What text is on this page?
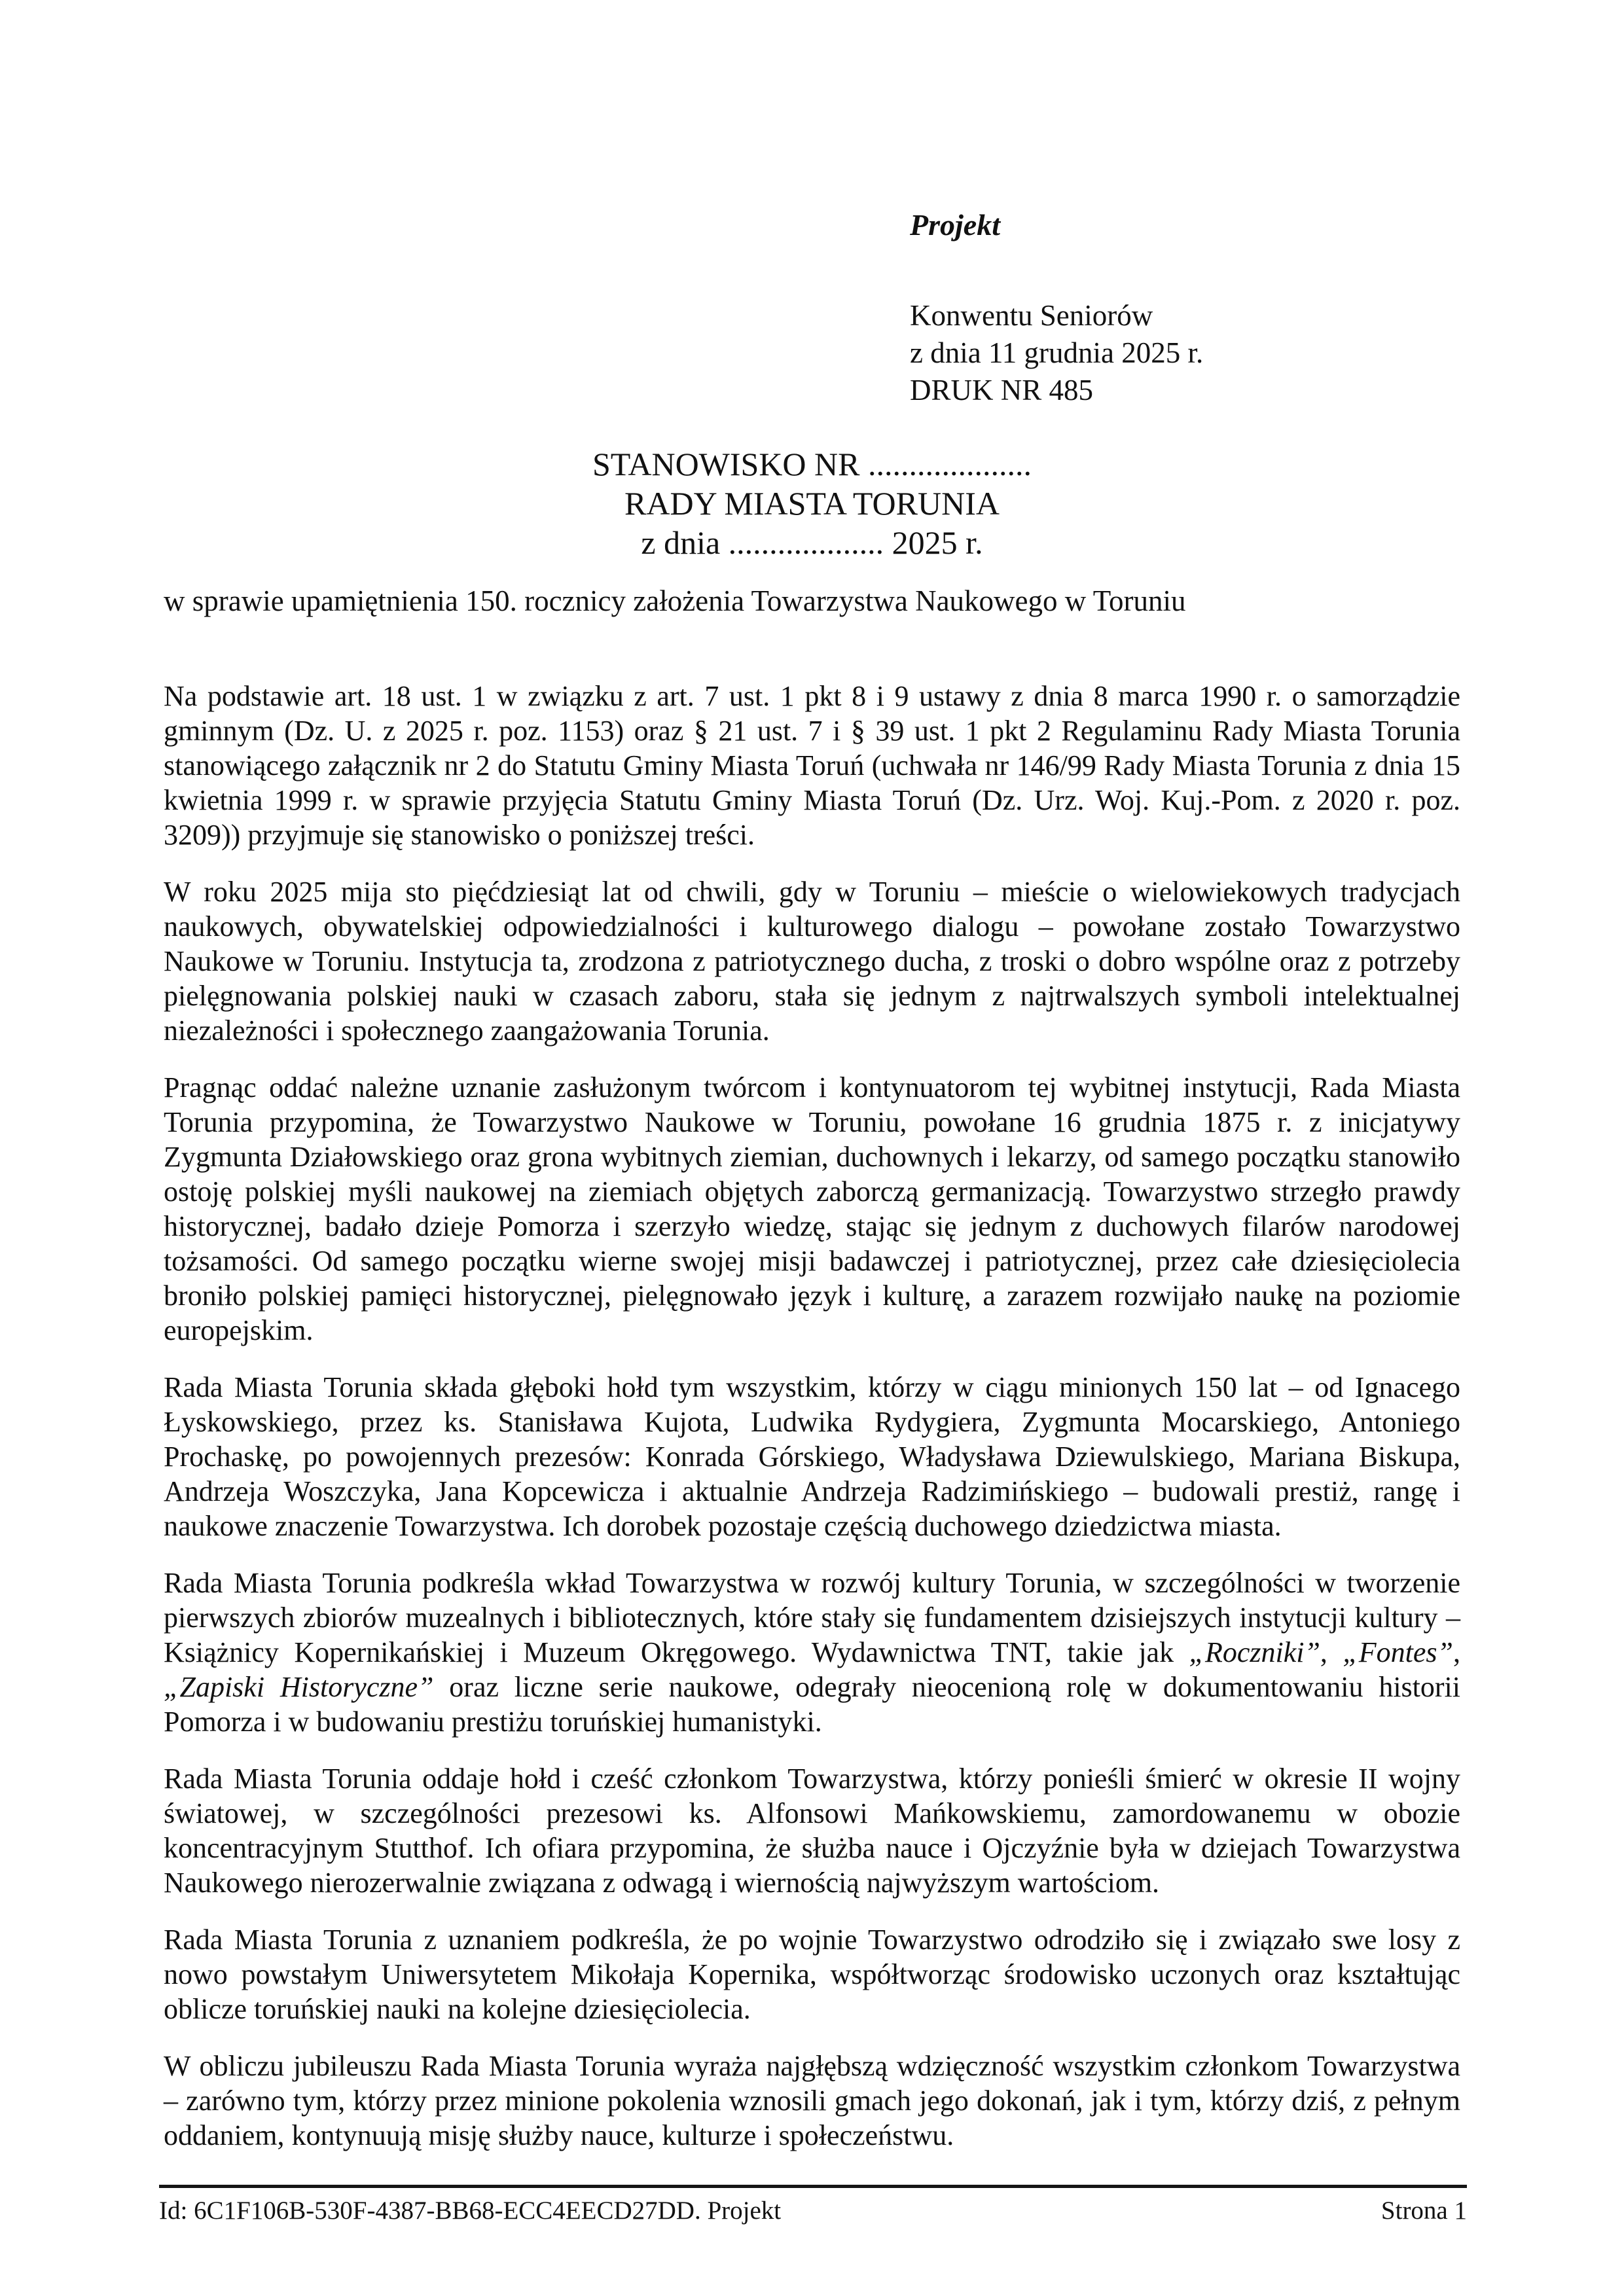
Projekt
Konwentu Seniorów
z dnia 11 grudnia 2025 r.
DRUK NR 485
STANOWISKO NR ....................
RADY MIASTA TORUNIA
z dnia ................... 2025 r.
w sprawie upamiętnienia 150. rocznicy założenia Towarzystwa Naukowego w Toruniu

Na podstawie art. 18 ust. 1 w związku z art. 7 ust. 1 pkt 8 i 9 ustawy z dnia 8 marca 1990 r. o samorządzie gminnym (Dz. U. z 2025 r. poz. 1153) oraz § 21 ust. 7 i § 39 ust. 1 pkt 2 Regulaminu Rady Miasta Torunia stanowiącego załącznik nr 2 do Statutu Gminy Miasta Toruń (uchwała nr 146/99 Rady Miasta Torunia z dnia 15 kwietnia 1999 r. w sprawie przyjęcia Statutu Gminy Miasta Toruń (Dz. Urz. Woj. Kuj.-Pom. z 2020 r. poz. 3209)) przyjmuje się stanowisko o poniższej treści.

W roku 2025 mija sto pięćdziesiąt lat od chwili, gdy w Toruniu – mieście o wielowiekowych tradycjach naukowych, obywatelskiej odpowiedzialności i kulturowego dialogu – powołane zostało Towarzystwo Naukowe w Toruniu. Instytucja ta, zrodzona z patriotycznego ducha, z troski o dobro wspólne oraz z potrzeby pielęgnowania polskiej nauki w czasach zaboru, stała się jednym z najtrwalszych symboli intelektualnej niezależności i społecznego zaangażowania Torunia.

Pragnąc oddać należne uznanie zasłużonym twórcom i kontynuatorom tej wybitnej instytucji, Rada Miasta Torunia przypomina, że Towarzystwo Naukowe w Toruniu, powołane 16 grudnia 1875 r. z inicjatywy Zygmunta Działowskiego oraz grona wybitnych ziemian, duchownych i lekarzy, od samego początku stanowiło ostoję polskiej myśli naukowej na ziemiach objętych zaborczą germanizacją. Towarzystwo strzegło prawdy historycznej, badało dzieje Pomorza i szerzyło wiedzę, stając się jednym z duchowych filarów narodowej tożsamości. Od samego początku wierne swojej misji badawczej i patriotycznej, przez całe dziesięciolecia broniło polskiej pamięci historycznej, pielęgnowało język i kulturę, a zarazem rozwijało naukę na poziomie europejskim.

Rada Miasta Torunia składa głęboki hołd tym wszystkim, którzy w ciągu minionych 150 lat – od Ignacego Łyskowskiego, przez ks. Stanisława Kujota, Ludwika Rydygiera, Zygmunta Mocarskiego, Antoniego Prochaskę, po powojennych prezesów: Konrada Górskiego, Władysława Dziewulskiego, Mariana Biskupa, Andrzeja Woszczyka, Jana Kopcewicza i aktualnie Andrzeja Radzimińskiego – budowali prestiż, rangę i naukowe znaczenie Towarzystwa. Ich dorobek pozostaje częścią duchowego dziedzictwa miasta.

Rada Miasta Torunia podkreśla wkład Towarzystwa w rozwój kultury Torunia, w szczególności w tworzenie pierwszych zbiorów muzealnych i bibliotecznych, które stały się fundamentem dzisiejszych instytucji kultury – Książnicy Kopernikańskiej i Muzeum Okręgowego. Wydawnictwa TNT, takie jak „Roczniki”, „Fontes”, „Zapiski Historyczne” oraz liczne serie naukowe, odegrały nieocenioną rolę w dokumentowaniu historii Pomorza i w budowaniu prestiżu toruńskiej humanistyki.

Rada Miasta Torunia oddaje hołd i cześć członkom Towarzystwa, którzy ponieśli śmierć w okresie II wojny światowej, w szczególności prezesowi ks. Alfonsowi Mańkowskiemu, zamordowanemu w obozie koncentracyjnym Stutthof. Ich ofiara przypomina, że służba nauce i Ojczyźnie była w dziejach Towarzystwa Naukowego nierozerwalnie związana z odwagą i wiernością najwyższym wartościom.

Rada Miasta Torunia z uznaniem podkreśla, że po wojnie Towarzystwo odrodziło się i związało swe losy z nowo powstałym Uniwersytetem Mikołaja Kopernika, współtworząc środowisko uczonych oraz kształtując oblicze toruńskiej nauki na kolejne dziesięciolecia.

W obliczu jubileuszu Rada Miasta Torunia wyraża najgłębszą wdzięczność wszystkim członkom Towarzystwa – zarówno tym, którzy przez minione pokolenia wznosili gmach jego dokonań, jak i tym, którzy dziś, z pełnym oddaniem, kontynuują misję służby nauce, kulturze i społeczeństwu.

Id: 6C1F106B-530F-4387-BB68-ECC4EECD27DD. Projekt	Strona 1
